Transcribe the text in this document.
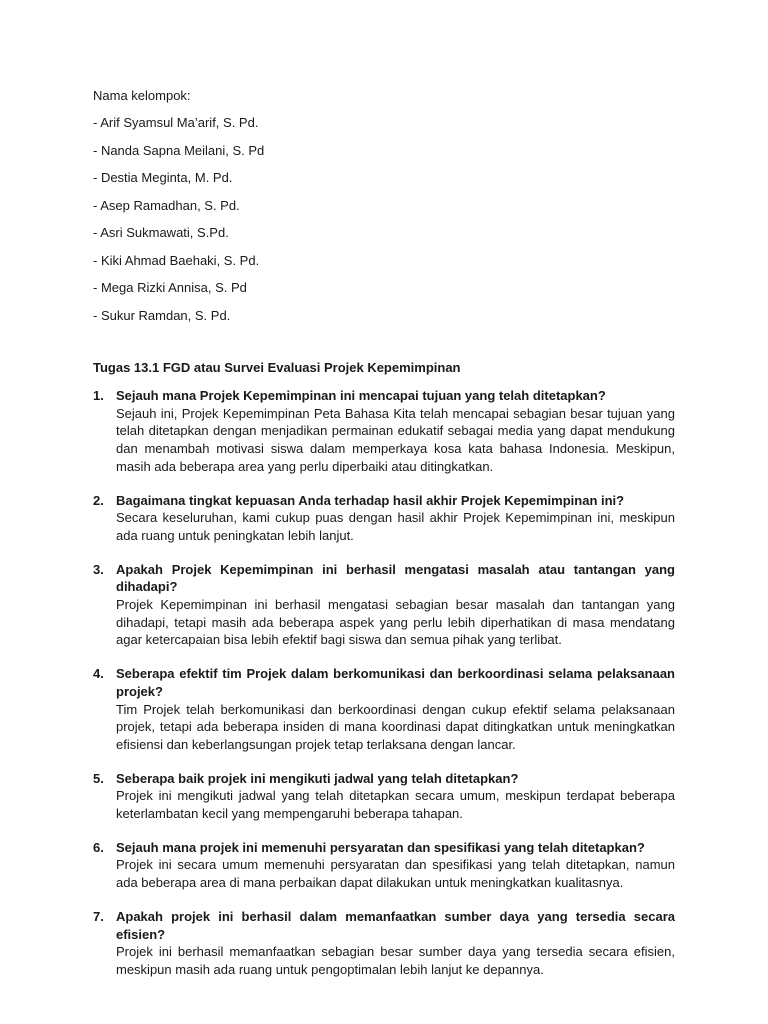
Nama kelompok:
- Arif Syamsul Ma’arif, S. Pd.
- Nanda Sapna Meilani, S. Pd
- Destia Meginta, M. Pd.
- Asep Ramadhan, S. Pd.
- Asri Sukmawati, S.Pd.
- Kiki Ahmad Baehaki, S. Pd.
- Mega Rizki Annisa, S. Pd
- Sukur Ramdan, S. Pd.
Tugas 13.1 FGD atau Survei Evaluasi Projek Kepemimpinan
1. Sejauh mana Projek Kepemimpinan ini mencapai tujuan yang telah ditetapkan?
Sejauh ini, Projek Kepemimpinan Peta Bahasa Kita telah mencapai sebagian besar tujuan yang telah ditetapkan dengan menjadikan permainan edukatif sebagai media yang dapat mendukung dan menambah motivasi siswa dalam memperkaya kosa kata bahasa Indonesia. Meskipun, masih ada beberapa area yang perlu diperbaiki atau ditingkatkan.
2. Bagaimana tingkat kepuasan Anda terhadap hasil akhir Projek Kepemimpinan ini?
Secara keseluruhan, kami cukup puas dengan hasil akhir Projek Kepemimpinan ini, meskipun ada ruang untuk peningkatan lebih lanjut.
3. Apakah Projek Kepemimpinan ini berhasil mengatasi masalah atau tantangan yang dihadapi?
Projek Kepemimpinan ini berhasil mengatasi sebagian besar masalah dan tantangan yang dihadapi, tetapi masih ada beberapa aspek yang perlu lebih diperhatikan di masa mendatang agar ketercapaian bisa lebih efektif bagi siswa dan semua pihak yang terlibat.
4. Seberapa efektif tim Projek dalam berkomunikasi dan berkoordinasi selama pelaksanaan projek?
Tim Projek telah berkomunikasi dan berkoordinasi dengan cukup efektif selama pelaksanaan projek, tetapi ada beberapa insiden di mana koordinasi dapat ditingkatkan untuk meningkatkan efisiensi dan keberlangsungan projek tetap terlaksana dengan lancar.
5. Seberapa baik projek ini mengikuti jadwal yang telah ditetapkan?
Projek ini mengikuti jadwal yang telah ditetapkan secara umum, meskipun terdapat beberapa keterlambatan kecil yang mempengaruhi beberapa tahapan.
6. Sejauh mana projek ini memenuhi persyaratan dan spesifikasi yang telah ditetapkan?
Projek ini secara umum memenuhi persyaratan dan spesifikasi yang telah ditetapkan, namun ada beberapa area di mana perbaikan dapat dilakukan untuk meningkatkan kualitasnya.
7. Apakah projek ini berhasil dalam memanfaatkan sumber daya yang tersedia secara efisien?
Projek ini berhasil memanfaatkan sebagian besar sumber daya yang tersedia secara efisien, meskipun masih ada ruang untuk pengoptimalan lebih lanjut ke depannya.
